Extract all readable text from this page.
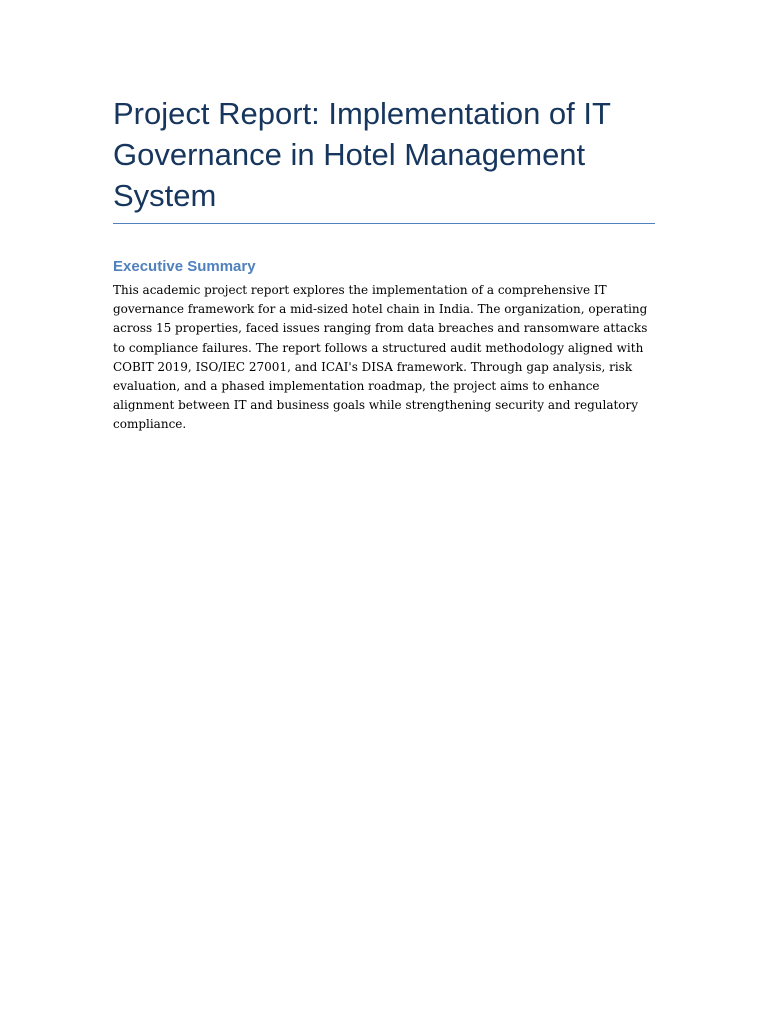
Project Report: Implementation of IT Governance in Hotel Management System
Executive Summary

This academic project report explores the implementation of a comprehensive IT governance framework for a mid-sized hotel chain in India. The organization, operating across 15 properties, faced issues ranging from data breaches and ransomware attacks to compliance failures. The report follows a structured audit methodology aligned with COBIT 2019, ISO/IEC 27001, and ICAI's DISA framework. Through gap analysis, risk evaluation, and a phased implementation roadmap, the project aims to enhance alignment between IT and business goals while strengthening security and regulatory compliance.
